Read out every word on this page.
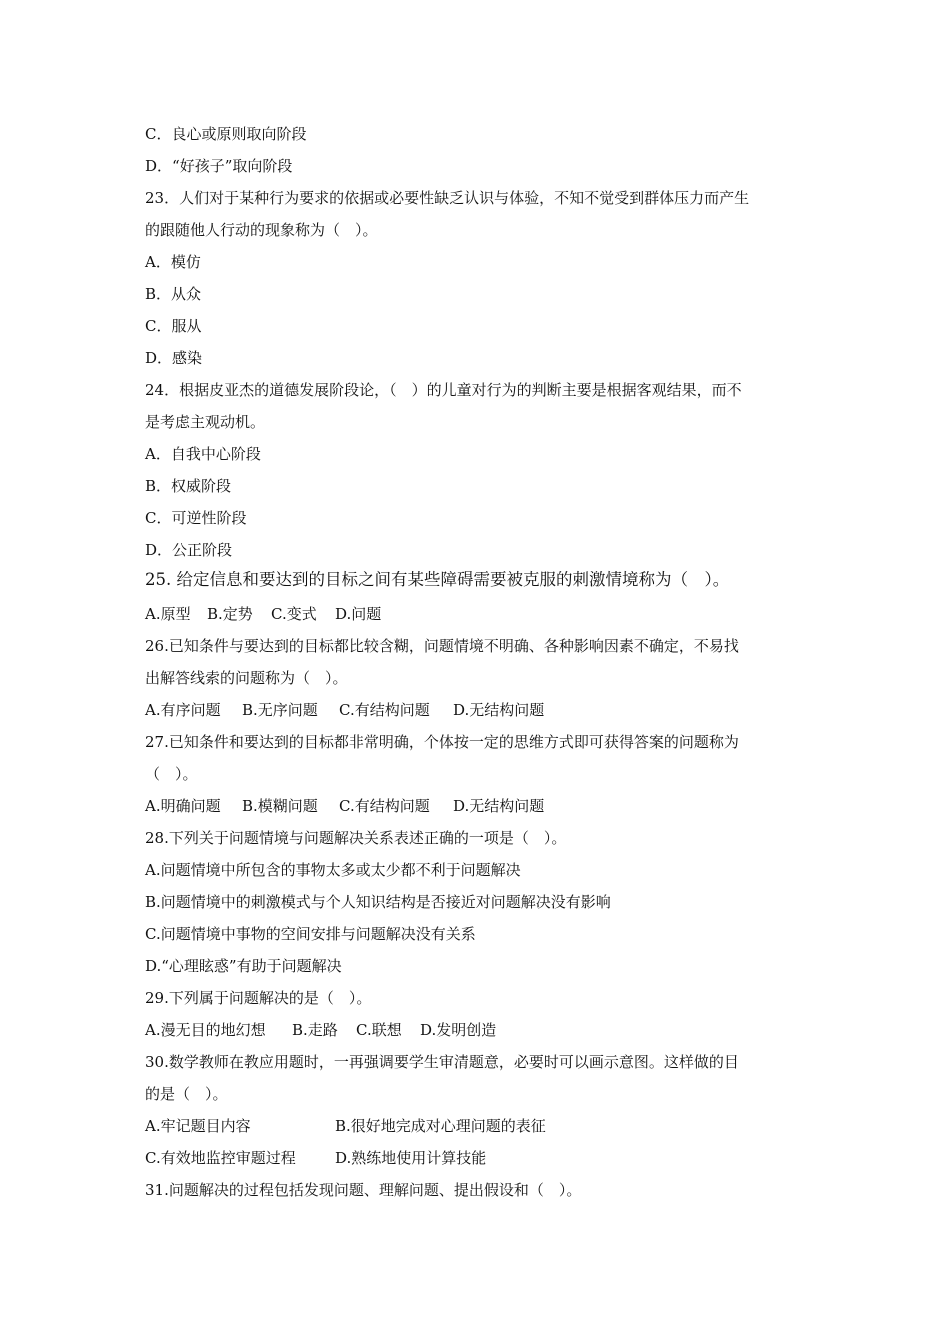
C．良心或原则取向阶段
D．“好孩子”取向阶段
23．人们对于某种行为要求的依据或必要性缺乏认识与体验，不知不觉受到群体压力而产生
的跟随他人行动的现象称为（　）。
A．模仿
B．从众
C．服从
D．感染
24．根据皮亚杰的道德发展阶段论，（　）的儿童对行为的判断主要是根据客观结果，而不
是考虑主观动机。
A．自我中心阶段
B．权威阶段
C．可逆性阶段
D．公正阶段
25. 给定信息和要达到的目标之间有某些障碍需要被克服的刺激情境称为（　）。
A.原型 B.定势 C.变式 D.问题
26.已知条件与要达到的目标都比较含糊，问题情境不明确、各种影响因素不确定，不易找
出解答线索的问题称为（　）。
A.有序问题 B.无序问题 C.有结构问题 D.无结构问题
27.已知条件和要达到的目标都非常明确，个体按一定的思维方式即可获得答案的问题称为
（　）。
A.明确问题 B.模糊问题 C.有结构问题 D.无结构问题
28.下列关于问题情境与问题解决关系表述正确的一项是（　）。
A.问题情境中所包含的事物太多或太少都不利于问题解决
B.问题情境中的刺激模式与个人知识结构是否接近对问题解决没有影响
C.问题情境中事物的空间安排与问题解决没有关系
D.“心理眩惑”有助于问题解决
29.下列属于问题解决的是（　）。
A.漫无目的地幻想 B.走路 C.联想 D.发明创造
30.数学教师在教应用题时，一再强调要学生审清题意，必要时可以画示意图。这样做的目
的是（　）。
A.牢记题目内容	B.很好地完成对心理问题的表征
C.有效地监控审题过程	D.熟练地使用计算技能
31.问题解决的过程包括发现问题、理解问题、提出假设和（　）。
